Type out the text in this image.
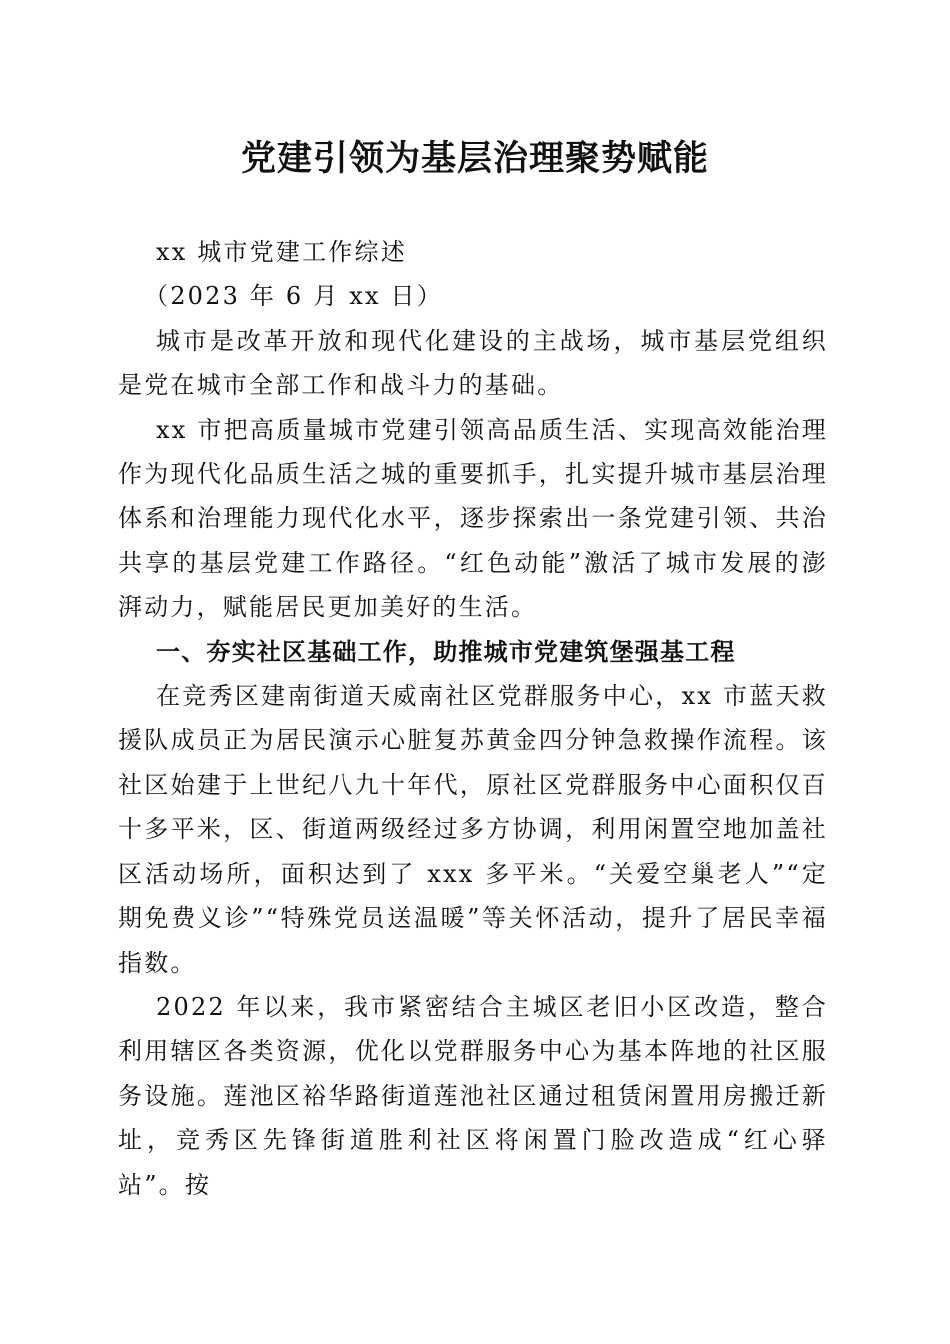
党建引领为基层治理聚势赋能

xx 城市党建工作综述

（2023 年 6 月 xx 日）

城市是改革开放和现代化建设的主战场，城市基层党组织是党在城市全部工作和战斗力的基础。

xx 市把高质量城市党建引领高品质生活、实现高效能治理作为现代化品质生活之城的重要抓手，扎实提升城市基层治理体系和治理能力现代化水平，逐步探索出一条党建引领、共治共享的基层党建工作路径。“红色动能”激活了城市发展的澎湃动力，赋能居民更加美好的生活。

一、夯实社区基础工作，助推城市党建筑堡强基工程

在竞秀区建南街道天威南社区党群服务中心，xx 市蓝天救援队成员正为居民演示心脏复苏黄金四分钟急救操作流程。该社区始建于上世纪八九十年代，原社区党群服务中心面积仅百十多平米，区、街道两级经过多方协调，利用闲置空地加盖社区活动场所，面积达到了 xxx 多平米。“关爱空巢老人”“定期免费义诊”“特殊党员送温暖”等关怀活动，提升了居民幸福指数。

2022 年以来，我市紧密结合主城区老旧小区改造，整合利用辖区各类资源，优化以党群服务中心为基本阵地的社区服务设施。莲池区裕华路街道莲池社区通过租赁闲置用房搬迁新址，竞秀区先锋街道胜利社区将闲置门脸改造成“红心驿站”。按
